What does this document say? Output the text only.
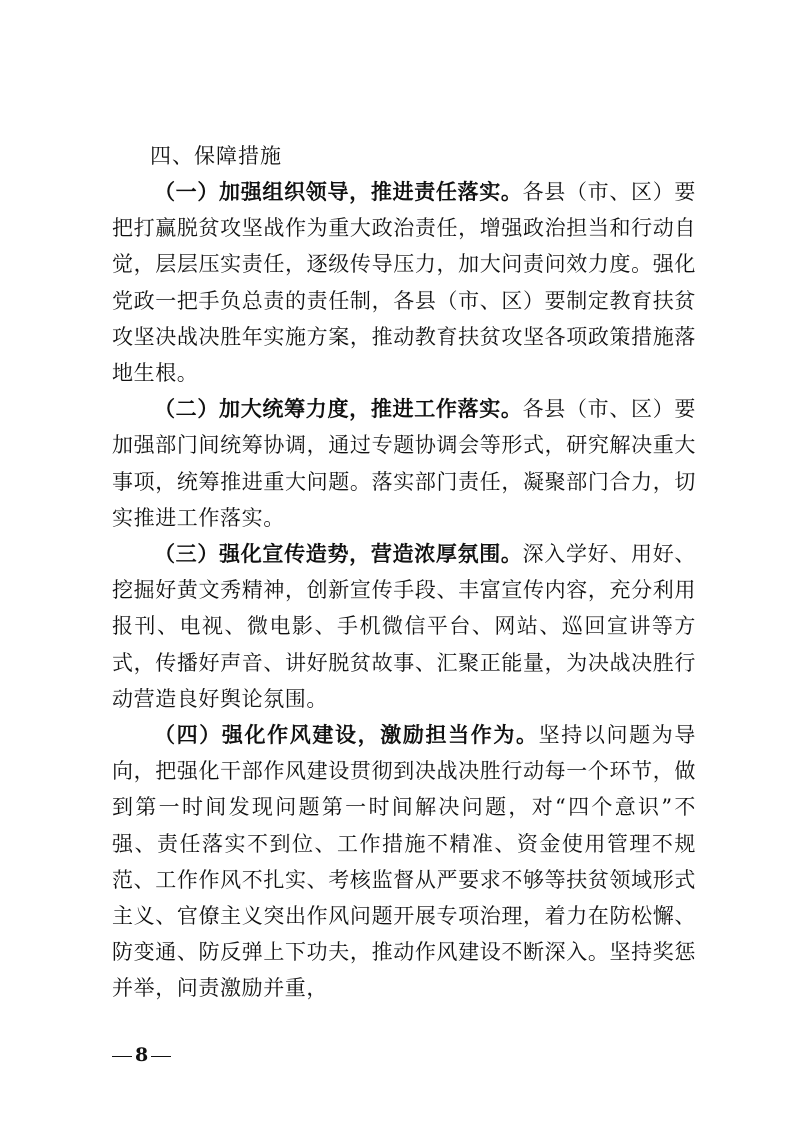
四、保障措施

（一）加强组织领导，推进责任落实。各县（市、区）要把打赢脱贫攻坚战作为重大政治责任，增强政治担当和行动自觉，层层压实责任，逐级传导压力，加大问责问效力度。强化党政一把手负总责的责任制，各县（市、区）要制定教育扶贫攻坚决战决胜年实施方案，推动教育扶贫攻坚各项政策措施落地生根。

（二）加大统筹力度，推进工作落实。各县（市、区）要加强部门间统筹协调，通过专题协调会等形式，研究解决重大事项，统筹推进重大问题。落实部门责任，凝聚部门合力，切实推进工作落实。

（三）强化宣传造势，营造浓厚氛围。深入学好、用好、挖掘好黄文秀精神，创新宣传手段、丰富宣传内容，充分利用报刊、电视、微电影、手机微信平台、网站、巡回宣讲等方式，传播好声音、讲好脱贫故事、汇聚正能量，为决战决胜行动营造良好舆论氛围。

（四）强化作风建设，激励担当作为。坚持以问题为导向，把强化干部作风建设贯彻到决战决胜行动每一个环节，做到第一时间发现问题第一时间解决问题，对“四个意识”不强、责任落实不到位、工作措施不精准、资金使用管理不规范、工作作风不扎实、考核监督从严要求不够等扶贫领域形式主义、官僚主义突出作风问题开展专项治理，着力在防松懈、防变通、防反弹上下功夫，推动作风建设不断深入。坚持奖惩并举，问责激励并重，

8
